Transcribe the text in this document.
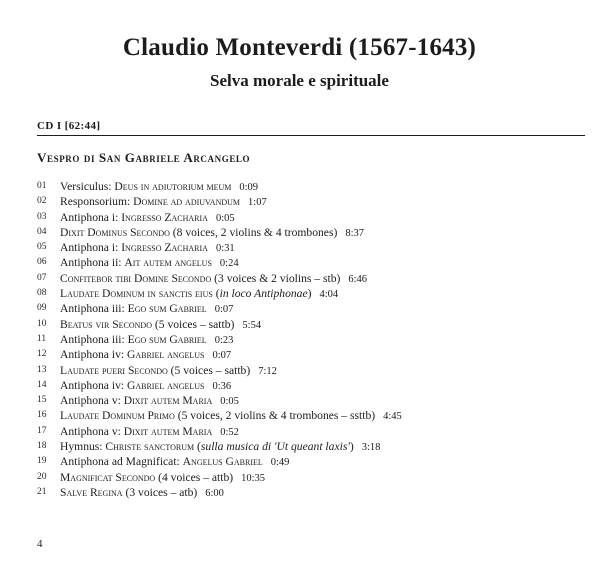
Claudio Monteverdi (1567-1643)
Selva morale e spirituale
CD I [62:44]
Vespro di San Gabriele Arcangelo
01	Versiculus: Deus in adiutorium meum 0:09
02	Responsorium: Domine ad adiuvandum 1:07
03	Antiphona i: Ingresso Zacharia 0:05
04	Dixit Dominus Secondo (8 voices, 2 violins & 4 trombones) 8:37
05	Antiphona i: Ingresso Zacharia 0:31
06	Antiphona ii: Ait autem angelus 0:24
07	Confitebor tibi Domine Secondo (3 voices & 2 violins – stb) 6:46
08	Laudate Dominum in sanctis eius (in loco Antiphonae) 4:04
09	Antiphona iii: Ego sum Gabriel 0:07
10	Beatus vir Secondo (5 voices – sattb) 5:54
11	Antiphona iii: Ego sum Gabriel 0:23
12	Antiphona iv: Gabriel angelus 0:07
13	Laudate pueri Secondo (5 voices – sattb) 7:12
14	Antiphona iv: Gabriel angelus 0:36
15	Antiphona v: Dixit autem Maria 0:05
16	Laudate Dominum Primo (5 voices, 2 violins & 4 trombones – ssttb) 4:45
17	Antiphona v: Dixit autem Maria 0:52
18	Hymnus: Christe sanctorum (sulla musica di 'Ut queant laxis') 3:18
19	Antiphona ad Magnificat: Angelus Gabriel 0:49
20	Magnificat Secondo (4 voices – attb) 10:35
21	Salve Regina (3 voices – atb) 6:00
4
